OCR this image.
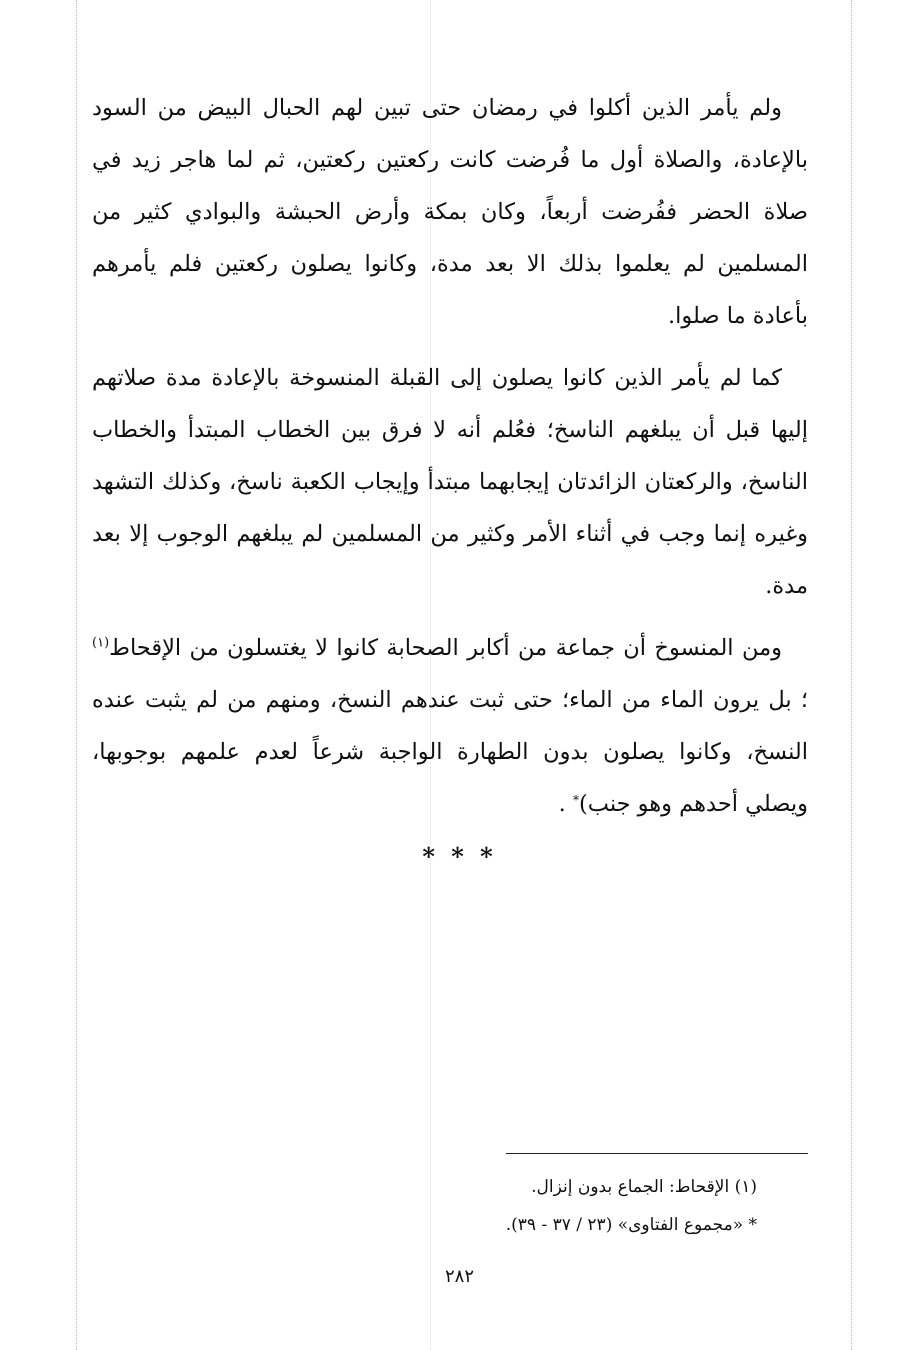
ولم يأمر الذين أكلوا في رمضان حتى تبين لهم الحبال البيض من السود بالإعادة، والصلاة أول ما فُرضت كانت ركعتين ركعتين، ثم لما هاجر زيد في صلاة الحضر ففُرضت أربعاً، وكان بمكة وأرض الحبشة والبوادي كثير من المسلمين لم يعلموا بذلك الا بعد مدة، وكانوا يصلون ركعتين فلم يأمرهم بأعادة ما صلوا.

كما لم يأمر الذين كانوا يصلون إلى القبلة المنسوخة بالإعادة مدة صلاتهم إليها قبل أن يبلغهم الناسخ؛ فعُلم أنه لا فرق بين الخطاب المبتدأ والخطاب الناسخ، والركعتان الزائدتان إيجابهما مبتدأ وإيجاب الكعبة ناسخ، وكذلك التشهد وغيره إنما وجب في أثناء الأمر وكثير من المسلمين لم يبلغهم الوجوب إلا بعد مدة.

ومن المنسوخ أن جماعة من أكابر الصحابة كانوا لا يغتسلون من الإقحاط$^{(١)}$ ؛ بل يرون الماء من الماء؛ حتى ثبت عندهم النسخ، ومنهم من لم يثبت عنده النسخ، وكانوا يصلون بدون الطهارة الواجبة شرعاً لعدم علمهم بوجوبها، ويصلي أحدهم وهو جنب)* .

* * *

(١) الإقحاط: الجماع بدون إنزال.

* «مجموع الفتاوى» (٢٣ / ٣٧ - ٣٩).

٢٨٢
